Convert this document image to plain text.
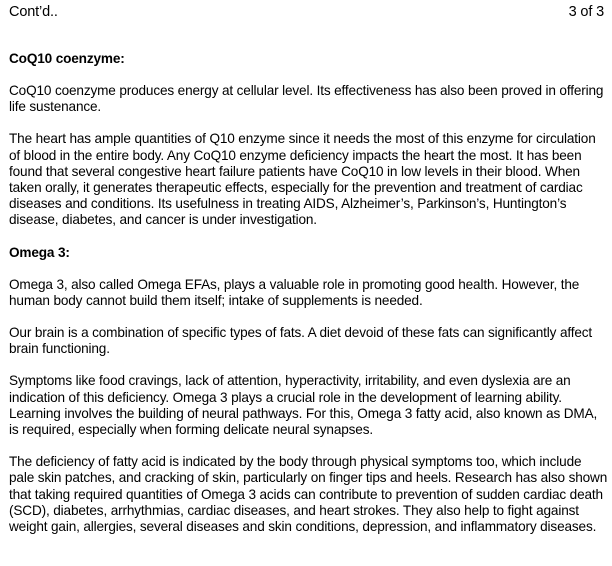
Cont’d..	3 of 3
CoQ10 coenzyme:

CoQ10 coenzyme produces energy at cellular level. Its effectiveness has also been proved in offering life sustenance.

The heart has ample quantities of Q10 enzyme since it needs the most of this enzyme for circulation of blood in the entire body. Any CoQ10 enzyme deficiency impacts the heart the most. It has been found that several congestive heart failure patients have CoQ10 in low levels in their blood. When taken orally, it generates therapeutic effects, especially for the prevention and treatment of cardiac diseases and conditions. Its usefulness in treating AIDS, Alzheimer’s, Parkinson’s, Huntington’s disease, diabetes, and cancer is under investigation.

Omega 3:

Omega 3, also called Omega EFAs, plays a valuable role in promoting good health. However, the human body cannot build them itself; intake of supplements is needed.

Our brain is a combination of specific types of fats. A diet devoid of these fats can significantly affect brain functioning.

Symptoms like food cravings, lack of attention, hyperactivity, irritability, and even dyslexia are an indication of this deficiency. Omega 3 plays a crucial role in the development of learning ability. Learning involves the building of neural pathways. For this, Omega 3 fatty acid, also known as DMA, is required, especially when forming delicate neural synapses.

The deficiency of fatty acid is indicated by the body through physical symptoms too, which include pale skin patches, and cracking of skin, particularly on finger tips and heels. Research has also shown that taking required quantities of Omega 3 acids can contribute to prevention of sudden cardiac death (SCD), diabetes, arrhythmias, cardiac diseases, and heart strokes. They also help to fight against weight gain, allergies, several diseases and skin conditions, depression, and inflammatory diseases.
